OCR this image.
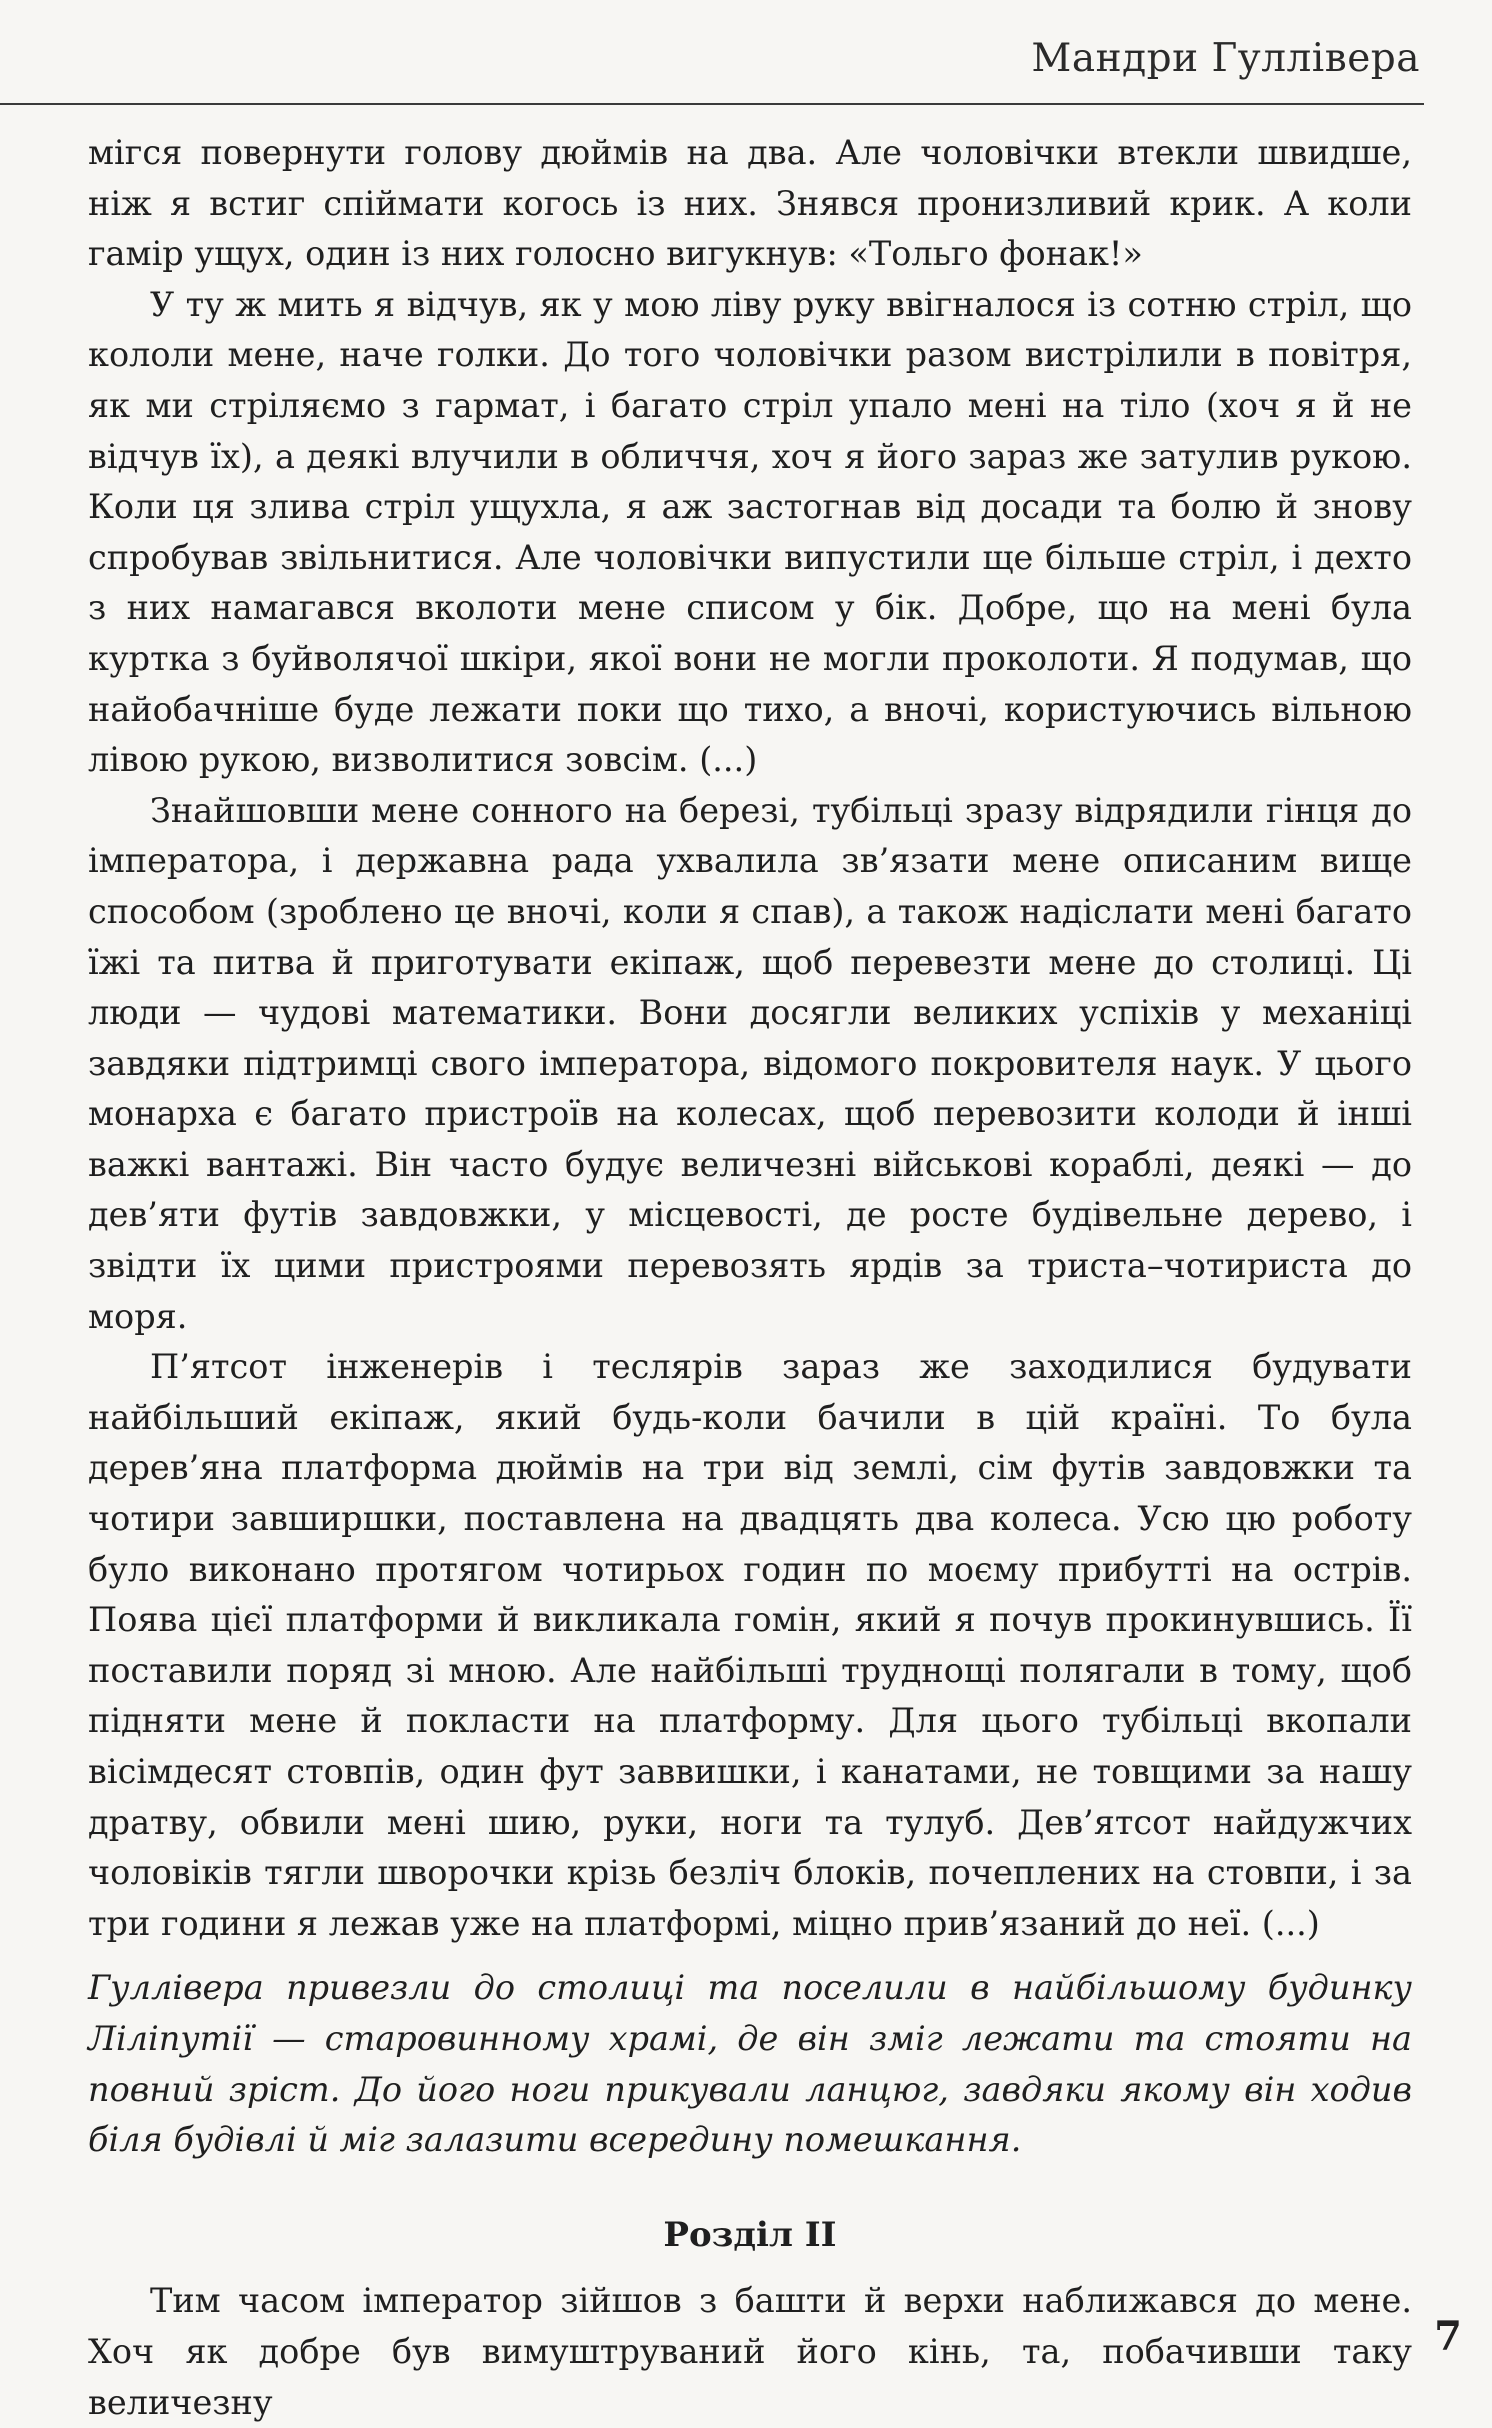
Мандри Гуллівера

мігся повернути голову дюймів на два. Але чоловічки втекли швидше, ніж я встиг спіймати когось із них. Знявся пронизливий крик. А коли гамір ущух, один із них голосно вигукнув: «Тольго фонак!»

У ту ж мить я відчув, як у мою ліву руку ввігналося із сотню стріл, що кололи мене, наче голки. До того чоловічки разом вистрілили в повітря, як ми стріляємо з гармат, і багато стріл упало мені на тіло (хоч я й не відчув їх), а деякі влучили в обличчя, хоч я його зараз же затулив рукою. Коли ця злива стріл ущухла, я аж застогнав від досади та болю й знову спробував звільнитися. Але чоловічки випустили ще більше стріл, і дехто з них намагався вколоти мене списом у бік. Добре, що на мені була куртка з буйволячої шкіри, якої вони не могли проколоти. Я подумав, що найобачніше буде лежати поки що тихо, а вночі, користуючись вільною лівою рукою, визволитися зовсім. (...)

Знайшовши мене сонного на березі, тубільці зразу відрядили гінця до імператора, і державна рада ухвалила зв’язати мене описаним вище способом (зроблено це вночі, коли я спав), а також надіслати мені багато їжі та питва й приготувати екіпаж, щоб перевезти мене до столиці. Ці люди — чудові математики. Вони досягли великих успіхів у механіці завдяки підтримці свого імператора, відомого покровителя наук. У цього монарха є багато пристроїв на колесах, щоб перевозити колоди й інші важкі вантажі. Він часто будує величезні військові кораблі, деякі — до дев’яти футів завдовжки, у місцевості, де росте будівельне дерево, і звідти їх цими пристроями перевозять ярдів за триста–чотириста до моря.

П’ятсот інженерів і теслярів зараз же заходилися будувати найбільший екіпаж, який будь-коли бачили в цій країні. То була дерев’яна платформа дюймів на три від землі, сім футів завдовжки та чотири завширшки, поставлена на двадцять два колеса. Усю цю роботу було виконано протягом чотирьох годин по моєму прибутті на острів. Поява цієї платформи й викликала гомін, який я почув прокинувшись. Її поставили поряд зі мною. Але найбільші труднощі полягали в тому, щоб підняти мене й покласти на платформу. Для цього тубільці вкопали вісімдесят стовпів, один фут заввишки, і канатами, не товщими за нашу дратву, обвили мені шию, руки, ноги та тулуб. Дев’ятсот найдужчих чоловіків тягли шворочки крізь безліч блоків, почеплених на стовпи, і за три години я лежав уже на платформі, міцно прив’язаний до неї. (...)

Гуллівера привезли до столиці та поселили в найбільшому будинку Ліліпутії — старовинному храмі, де він зміг лежати та стояти на повний зріст. До його ноги прикували ланцюг, завдяки якому він ходив біля будівлі й міг залазити всередину помешкання.

Розділ ІІ

Тим часом імператор зійшов з башти й верхи наближався до мене. Хоч як добре був вимуштруваний його кінь, та, побачивши таку величезну

7
